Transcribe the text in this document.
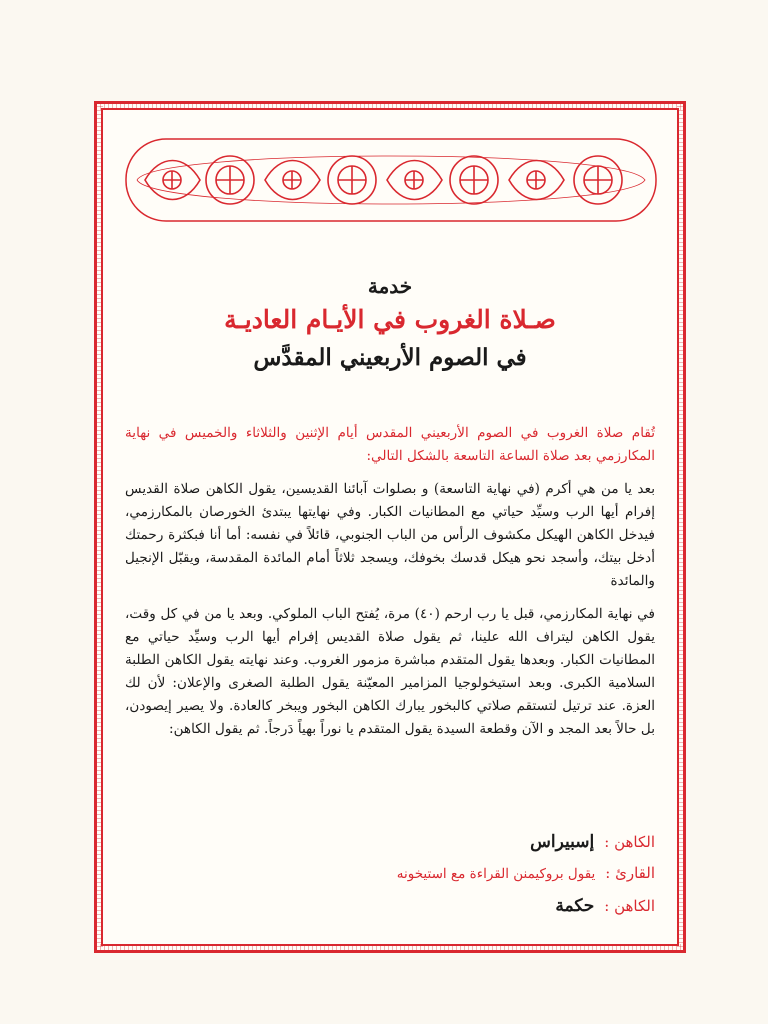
خدمة
صـلاة الغروب في الأيـام العاديـة
في الصوم الأربعيني المقدَّس

تُقام صلاة الغروب في الصوم الأربعيني المقدس أيام الإثنين والثلاثاء والخميس في نهاية المكارزمي بعد صلاة الساعة التاسعة بالشكل التالي:

بعد يا من هي أكرم (في نهاية التاسعة) و بصلوات آبائنا القديسين، يقول الكاهن صلاة القديس إفرام أيها الرب وسيِّد حياتي مع المطانيات الكبار. وفي نهايتها يبتدئ الخورصان بالمكارزمي، فيدخل الكاهن الهيكل مكشوف الرأس من الباب الجنوبي، قائلاً في نفسه: أما أنا فبكثرة رحمتك أدخل بيتك، وأسجد نحو هيكل قدسك بخوفك، ويسجد ثلاثاً أمام المائدة المقدسة، ويقبّل الإنجيل والمائدة

في نهاية المكارزمي، قبل يا رب ارحم (٤٠) مرة، يُفتح الباب الملوكي. وبعد يا من في كل وقت، يقول الكاهن ليتراف الله علينا، ثم يقول صلاة القديس إفرام أيها الرب وسيِّد حياتي مع المطانيات الكبار. وبعدها يقول المتقدم مباشرة مزمور الغروب. وعند نهايته يقول الكاهن الطلبة السلامية الكبرى. وبعد استيخولوجيا المزامير المعيّنة يقول الطلبة الصغرى والإعلان: لأن لك العزة. عند ترتيل لتستقم صلاتي كالبخور يبارك الكاهن البخور ويبخر كالعادة. ولا يصير إيصودن، بل حالاً بعد المجد و الآن وقطعة السيدة يقول المتقدم يا نوراً بهياً دَرجاً. ثم يقول الكاهن:

الكاهن :
إسبيراس
القارئ :
يقول بروكيمنن القراءة مع استيخونه
الكاهن :
حكمة
